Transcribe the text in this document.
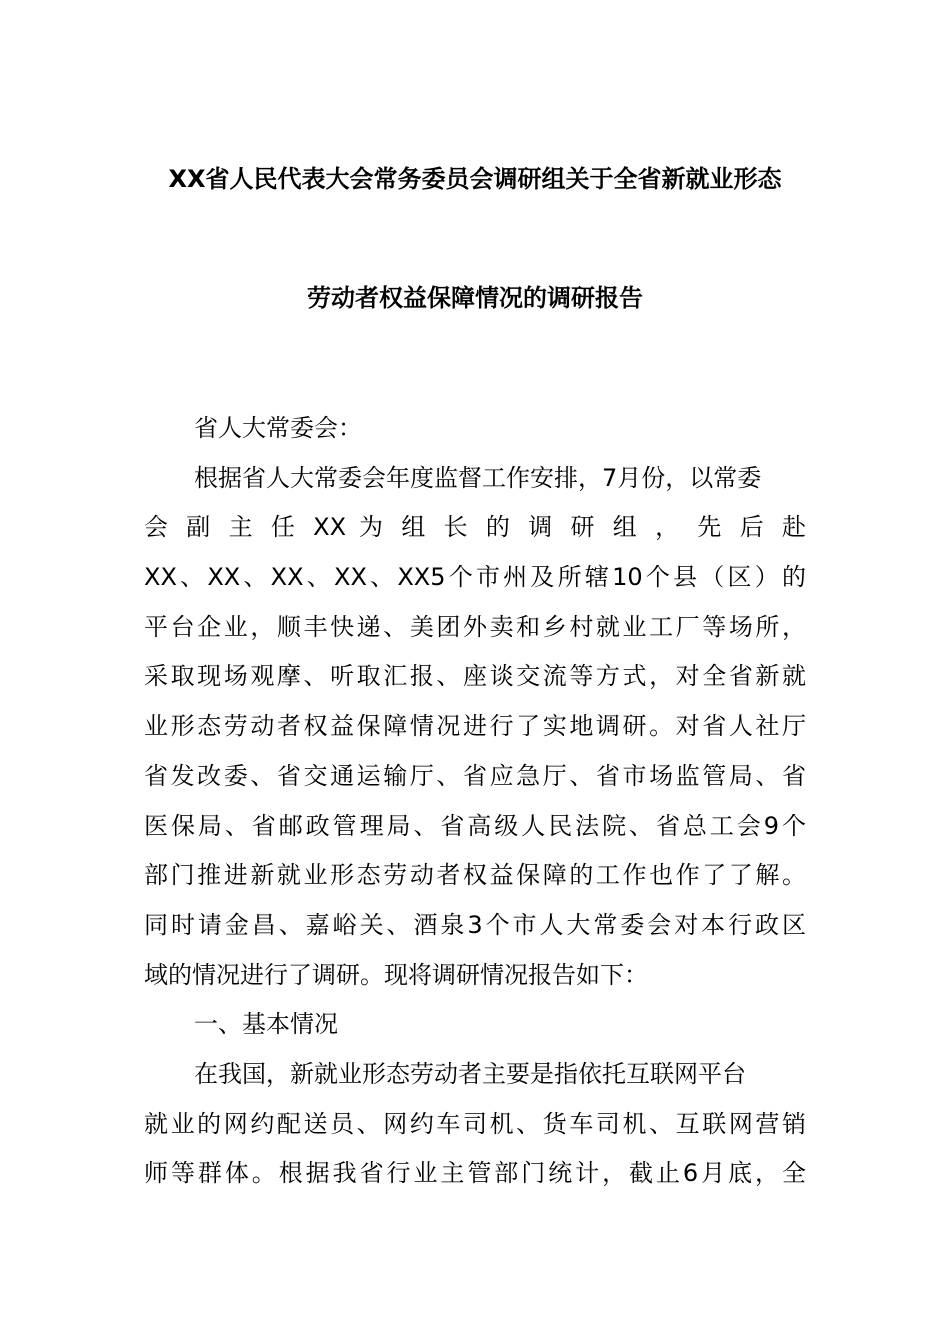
XX省人民代表大会常务委员会调研组关于全省新就业形态
劳动者权益保障情况的调研报告
省人大常委会：
根据省人大常委会年度监督工作安排，7月份，以常委
会 副 主 任 XX 为 组 长 的 调 研 组 ， 先 后 赴
XX、XX、XX、XX、XX5个市州及所辖10个县（区）的
平台企业，顺丰快递、美团外卖和乡村就业工厂等场所，
采取现场观摩、听取汇报、座谈交流等方式，对全省新就
业形态劳动者权益保障情况进行了实地调研。对省人社厅
省发改委、省交通运输厅、省应急厅、省市场监管局、省
医保局、省邮政管理局、省高级人民法院、省总工会9个
部门推进新就业形态劳动者权益保障的工作也作了了解。
同时请金昌、嘉峪关、酒泉3个市人大常委会对本行政区
域的情况进行了调研。现将调研情况报告如下：
一、基本情况
在我国，新就业形态劳动者主要是指依托互联网平台
就业的网约配送员、网约车司机、货车司机、互联网营销
师等群体。根据我省行业主管部门统计，截止6月底，全
